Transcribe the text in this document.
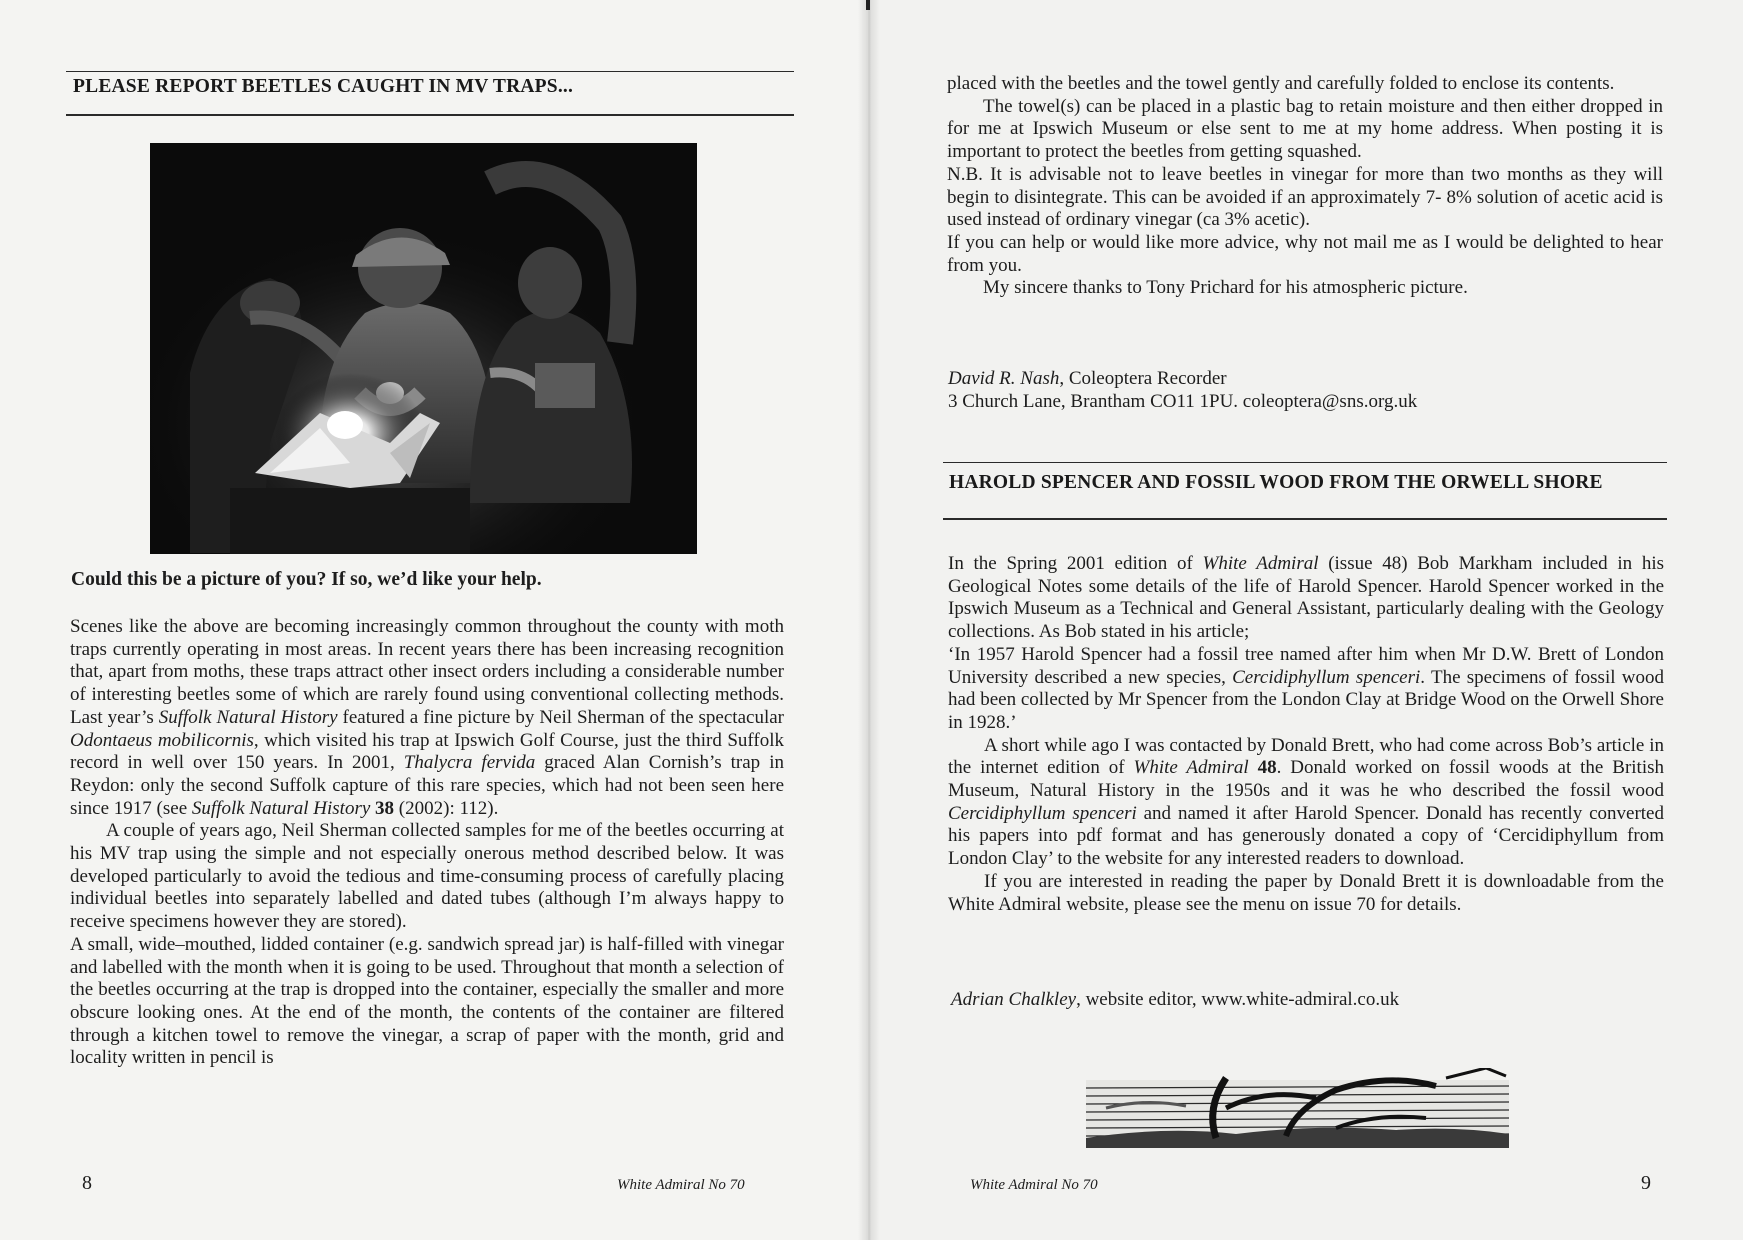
PLEASE REPORT BEETLES CAUGHT IN MV TRAPS...
Could this be a picture of you? If so, we’d like your help.

Scenes like the above are becoming increasingly common throughout the county with moth traps currently operating in most areas. In recent years there has been increasing recognition that, apart from moths, these traps attract other insect orders including a considerable number of interesting beetles some of which are rarely found using conventional collecting methods. Last year’s Suffolk Natural History featured a fine picture by Neil Sherman of the spectacular Odontaeus mobilicornis, which visited his trap at Ipswich Golf Course, just the third Suffolk record in well over 150 years. In 2001, Thalycra fervida graced Alan Cornish’s trap in Reydon: only the second Suffolk capture of this rare species, which had not been seen here since 1917 (see Suffolk Natural History 38 (2002): 112).

A couple of years ago, Neil Sherman collected samples for me of the beetles occurring at his MV trap using the simple and not especially onerous method described below. It was developed particularly to avoid the tedious and time-consuming process of carefully placing individual beetles into separately labelled and dated tubes (although I’m always happy to receive specimens however they are stored).

A small, wide–mouthed, lidded container (e.g. sandwich spread jar) is half-filled with vinegar and labelled with the month when it is going to be used. Throughout that month a selection of the beetles occurring at the trap is dropped into the container, especially the smaller and more obscure looking ones. At the end of the month, the contents of the container are filtered through a kitchen towel to remove the vinegar, a scrap of paper with the month, grid and locality written in pencil is

8	White Admiral No 70

placed with the beetles and the towel gently and carefully folded to enclose its contents.

The towel(s) can be placed in a plastic bag to retain moisture and then either dropped in for me at Ipswich Museum or else sent to me at my home address. When posting it is important to protect the beetles from getting squashed.

N.B. It is advisable not to leave beetles in vinegar for more than two months as they will begin to disintegrate. This can be avoided if an approximately 7- 8% solution of acetic acid is used instead of ordinary vinegar (ca 3% acetic).

If you can help or would like more advice, why not mail me as I would be delighted to hear from you.

My sincere thanks to Tony Prichard for his atmospheric picture.

David R. Nash, Coleoptera Recorder
3 Church Lane, Brantham CO11 1PU. coleoptera@sns.org.uk
HAROLD SPENCER AND FOSSIL WOOD FROM THE ORWELL SHORE

In the Spring 2001 edition of White Admiral (issue 48) Bob Markham included in his Geological Notes some details of the life of Harold Spencer. Harold Spencer worked in the Ipswich Museum as a Technical and General Assistant, particularly dealing with the Geology collections. As Bob stated in his article;

‘In 1957 Harold Spencer had a fossil tree named after him when Mr D.W. Brett of London University described a new species, Cercidiphyllum spenceri. The specimens of fossil wood had been collected by Mr Spencer from the London Clay at Bridge Wood on the Orwell Shore in 1928.’

A short while ago I was contacted by Donald Brett, who had come across Bob’s article in the internet edition of White Admiral 48. Donald worked on fossil woods at the British Museum, Natural History in the 1950s and it was he who described the fossil wood Cercidiphyllum spenceri and named it after Harold Spencer. Donald has recently converted his papers into pdf format and has generously donated a copy of ‘Cercidiphyllum from London Clay’ to the website for any interested readers to download.

If you are interested in reading the paper by Donald Brett it is downloadable from the White Admiral website, please see the menu on issue 70 for details.

Adrian Chalkley, website editor, www.white-admiral.co.uk
White Admiral No 70	9
